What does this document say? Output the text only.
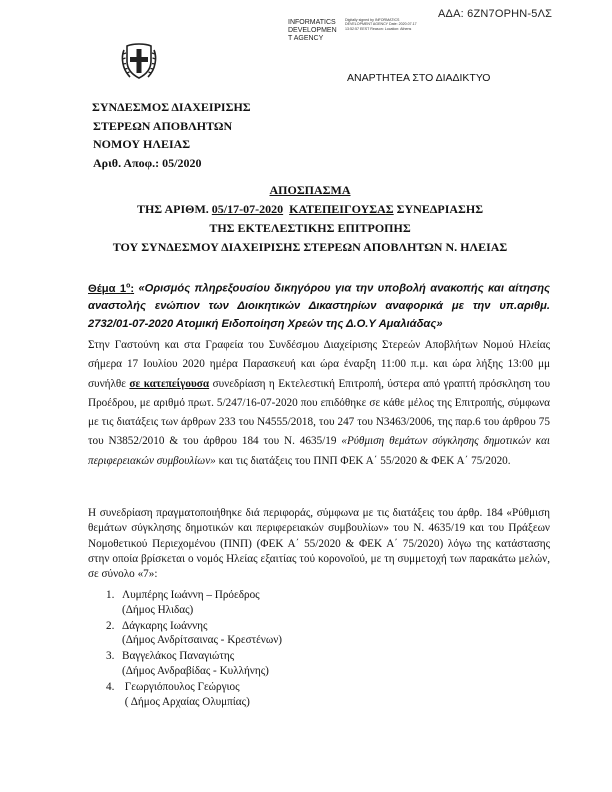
ΑΔΑ: 6ΖΝ7ΟΡΗΝ-5ΛΣ
INFORMATICS
DEVELOPMEN
T AGENCY
Digitally signed by INFORMATICS DEVELOPMENT AGENCY Date: 2020.07.17 13:52:57 EEST Reason: Location: Athens
ΑΝΑΡΤΗΤΕΑ ΣΤΟ ΔΙΑΔΙΚΤΥΟ
ΣΥΝΔΕΣΜΟΣ ΔΙΑΧΕΙΡΙΣΗΣ
ΣΤΕΡΕΩΝ ΑΠΟΒΛΗΤΩΝ
ΝΟΜΟΥ ΗΛΕΙΑΣ
Αριθ. Αποφ.: 05/2020
ΑΠΟΣΠΑΣΜΑ
ΤΗΣ ΑΡΙΘΜ. 05/17-07-2020 ΚΑΤΕΠΕΙΓΟΥΣΑΣ ΣΥΝΕΔΡΙΑΣΗΣ
ΤΗΣ ΕΚΤΕΛΕΣΤΙΚΗΣ ΕΠΙΤΡΟΠΗΣ
ΤΟΥ ΣΥΝΔΕΣΜΟΥ ΔΙΑΧΕΙΡΙΣΗΣ ΣΤΕΡΕΩΝ ΑΠΟΒΛΗΤΩΝ Ν. ΗΛΕΙΑΣ
Θέμα $1^o$: «Ορισμός πληρεξουσίου δικηγόρου για την υποβολή ανακοπής και αίτησης αναστολής ενώπιον των Διοικητικών Δικαστηρίων αναφορικά με την υπ.αριθμ. 2732/01-07-2020 Ατομική Ειδοποίηση Χρεών της Δ.Ο.Υ Αμαλιάδας»
Στην Γαστούνη και στα Γραφεία του Συνδέσμου Διαχείρισης Στερεών Αποβλήτων Νομού Ηλείας σήμερα 17 Ιουλίου 2020 ημέρα Παρασκευή και ώρα έναρξη 11:00 π.μ. και ώρα λήξης 13:00 μμ συνήλθε σε κατεπείγουσα συνεδρίαση η Εκτελεστική Επιτροπή, ύστερα από γραπτή πρόσκληση του Προέδρου, με αριθμό πρωτ. 5/247/16-07-2020 που επιδόθηκε σε κάθε μέλος της Επιτροπής, σύμφωνα με τις διατάξεις των άρθρων 233 του Ν4555/2018, του 247 του Ν3463/2006, της παρ.6 του άρθρου 75 του Ν3852/2010 & του άρθρου 184 του Ν. 4635/19 «Ρύθμιση θεμάτων σύγκλησης δημοτικών και περιφερειακών συμβουλίων» και τις διατάξεις του ΠΝΠ ΦΕΚ Α΄ 55/2020 & ΦΕΚ Α΄ 75/2020.
Η συνεδρίαση πραγματοποιήθηκε διά περιφοράς, σύμφωνα με τις διατάξεις του άρθρ. 184 «Ρύθμιση θεμάτων σύγκλησης δημοτικών και περιφερειακών συμβουλίων» του Ν. 4635/19 και του Πράξεων Νομοθετικού Περιεχομένου (ΠΝΠ) (ΦΕΚ Α΄ 55/2020 & ΦΕΚ Α΄ 75/2020) λόγω της κατάστασης στην οποία βρίσκεται ο νομός Ηλείας εξαιτίας τού κορονοϊού, με τη συμμετοχή των παρακάτω μελών, σε σύνολο «7»:
1. Λυμπέρης Ιωάννη – Πρόεδρος
(Δήμος Ηλιδας)
2. Δάγκαρης Ιωάννης
(Δήμος Ανδρίτσαινας - Κρεστένων)
3. Βαγγελάκος Παναγιώτης
(Δήμος Ανδραβίδας - Κυλλήνης)
4. Γεωργιόπουλος Γεώργιος
( Δήμος Αρχαίας Ολυμπίας)
